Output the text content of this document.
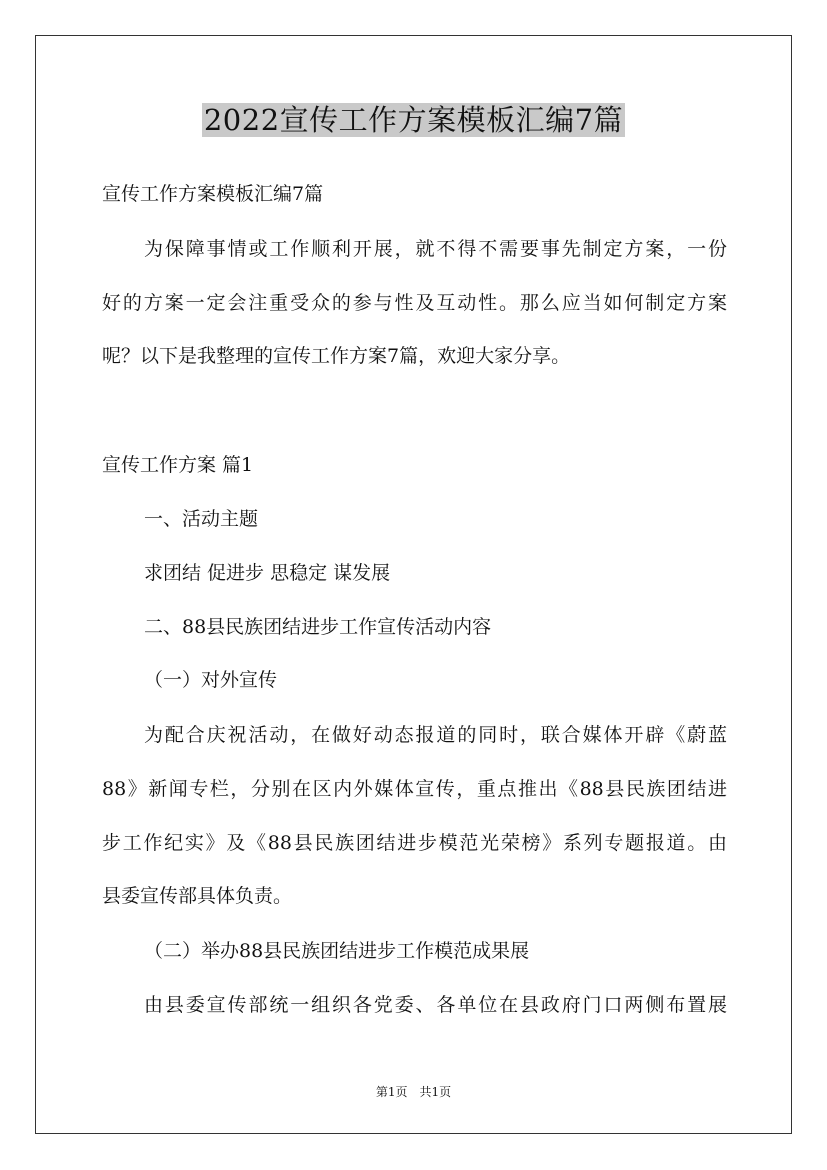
2022宣传工作方案模板汇编7篇
宣传工作方案模板汇编7篇
为保障事情或工作顺利开展，就不得不需要事先制定方案，一份
好的方案一定会注重受众的参与性及互动性。那么应当如何制定方案
呢？以下是我整理的宣传工作方案7篇，欢迎大家分享。
宣传工作方案 篇1
一、活动主题
求团结 促进步 思稳定 谋发展
二、88县民族团结进步工作宣传活动内容
（一）对外宣传
为配合庆祝活动，在做好动态报道的同时，联合媒体开辟《蔚蓝
88》新闻专栏，分别在区内外媒体宣传，重点推出《88县民族团结进
步工作纪实》及《88县民族团结进步模范光荣榜》系列专题报道。由
县委宣传部具体负责。
（二）举办88县民族团结进步工作模范成果展
由县委宣传部统一组织各党委、各单位在县政府门口两侧布置展
第1页　共1页
